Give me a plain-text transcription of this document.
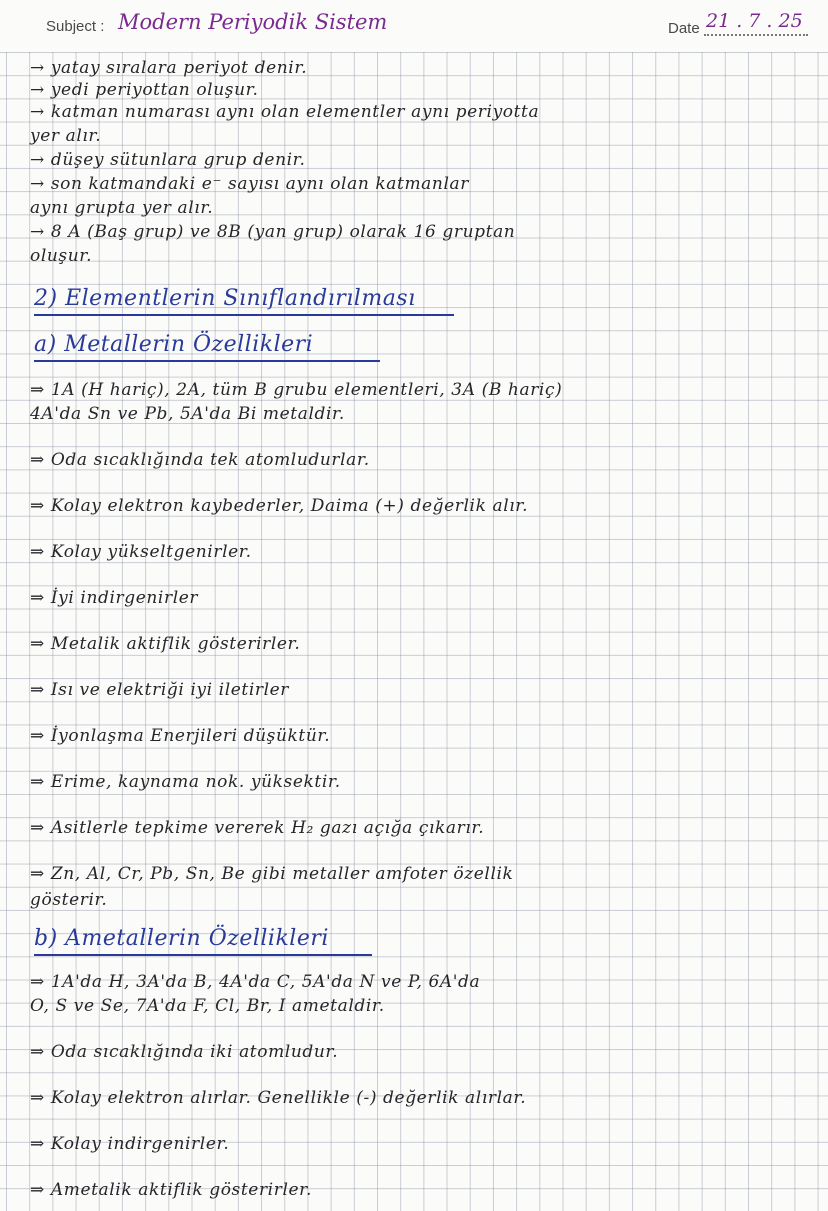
Subject : Modern Periyodik Sistem	Date 21 . 7 . 25
→ yatay sıralara periyot denir.
→ yedi periyottan oluşur.
→ katman numarası aynı olan elementler aynı periyotta
yer alır.
→ düşey sütunlara grup denir.
→ son katmandaki e⁻ sayısı aynı olan katmanlar
aynı grupta yer alır.
→ 8 A (Baş grup) ve 8B (yan grup) olarak 16 gruptan
oluşur.
2) Elementlerin Sınıflandırılması
a) Metallerin Özellikleri
⇒ 1A (H hariç), 2A, tüm B grubu elementleri, 3A (B hariç)
4A'da Sn ve Pb, 5A'da Bi metaldir.
⇒ Oda sıcaklığında tek atomludurlar.
⇒ Kolay elektron kaybederler, Daima (+) değerlik alır.
⇒ Kolay yükseltgenirler.
⇒ İyi indirgenirler
⇒ Metalik aktiflik gösterirler.
⇒ Isı ve elektriği iyi iletirler
⇒ İyonlaşma Enerjileri düşüktür.
⇒ Erime, kaynama nok. yüksektir.
⇒ Asitlerle tepkime vererek H₂ gazı açığa çıkarır.
⇒ Zn, Al, Cr, Pb, Sn, Be gibi metaller amfoter özellik
gösterir.
b) Ametallerin Özellikleri
⇒ 1A'da H, 3A'da B, 4A'da C, 5A'da N ve P, 6A'da
O, S ve Se, 7A'da F, Cl, Br, I ametaldir.
⇒ Oda sıcaklığında iki atomludur.
⇒ Kolay elektron alırlar. Genellikle (-) değerlik alırlar.
⇒ Kolay indirgenirler.
⇒ Ametalik aktiflik gösterirler.
